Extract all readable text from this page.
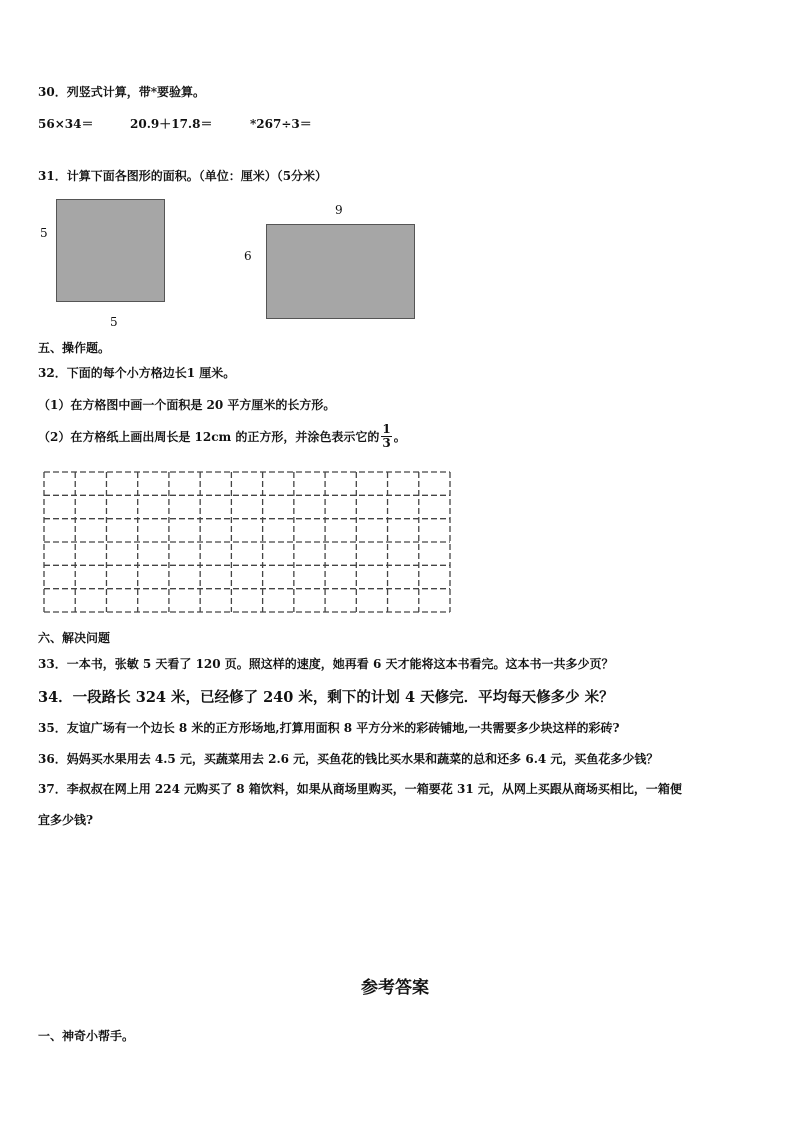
30．列竖式计算，带*要验算。
56×34＝	20.9＋17.8＝	*267÷3＝
31．计算下面各图形的面积。（单位：厘米）（5分米）
5
5
9
6
五、操作题。
32．下面的每个小方格边长1 厘米。
（1）在方格图中画一个面积是 20 平方厘米的长方形。
（2）在方格纸上画出周长是 12cm 的正方形，并涂色表示它的 $\frac{1}{3}$ 。
六、解决问题
33．一本书，张敏 5 天看了 120 页。照这样的速度，她再看 6 天才能将这本书看完。这本书一共多少页？
34．一段路长 324 米，已经修了 240 米，剩下的计划 4 天修完．平均每天修多少 米？
35．友谊广场有一个边长 8 米的正方形场地,打算用面积 8 平方分米的彩砖铺地,一共需要多少块这样的彩砖?
36．妈妈买水果用去 4.5 元，买蔬菜用去 2.6 元，买鱼花的钱比买水果和蔬菜的总和还多 6.4 元，买鱼花多少钱？
37．李叔叔在网上用 224 元购买了 8 箱饮料，如果从商场里购买，一箱要花 31 元，从网上买跟从商场买相比，一箱便
宜多少钱?
参考答案
一、神奇小帮手。
